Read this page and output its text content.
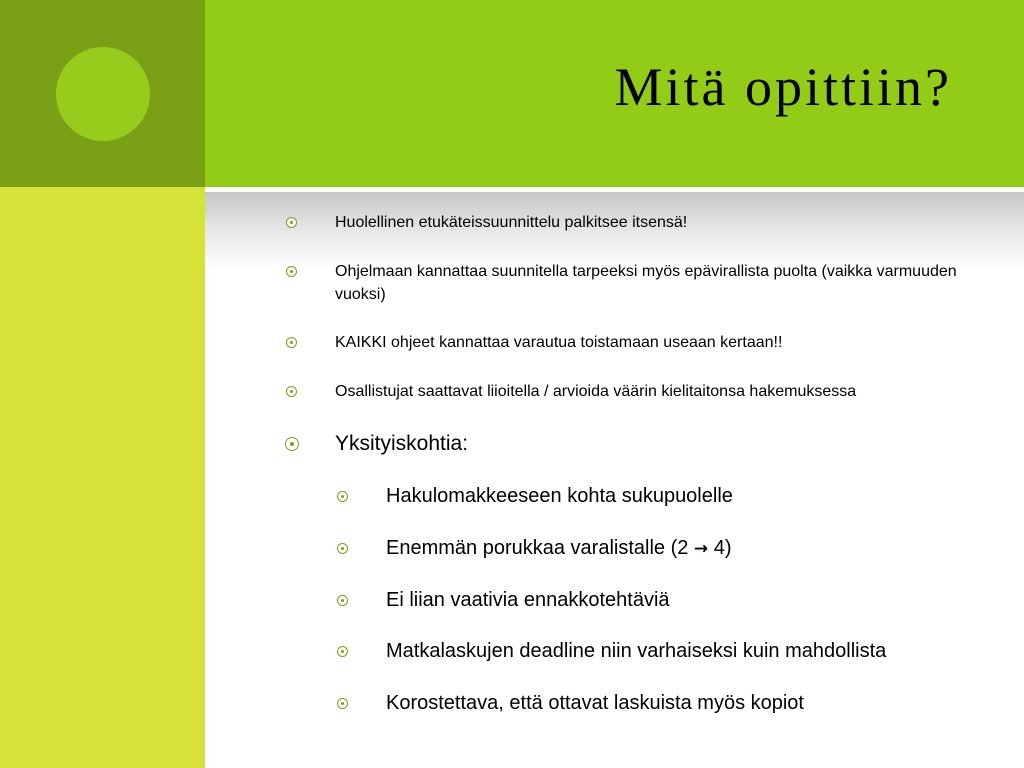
Mitä opittiin?
Huolellinen etukäteissuunnittelu palkitsee itsensä!
Ohjelmaan kannattaa suunnitella tarpeeksi myös epävirallista puolta (vaikka varmuuden vuoksi)
KAIKKI ohjeet kannattaa varautua toistamaan useaan kertaan!!
Osallistujat saattavat liioitella / arvioida väärin kielitaitonsa hakemuksessa
Yksityiskohtia:
Hakulomakkeeseen kohta sukupuolelle
Enemmän porukkaa varalistalle (2 → 4)
Ei liian vaativia ennakkotehtäviä
Matkalaskujen deadline niin varhaiseksi kuin mahdollista
Korostettava, että ottavat laskuista myös kopiot
